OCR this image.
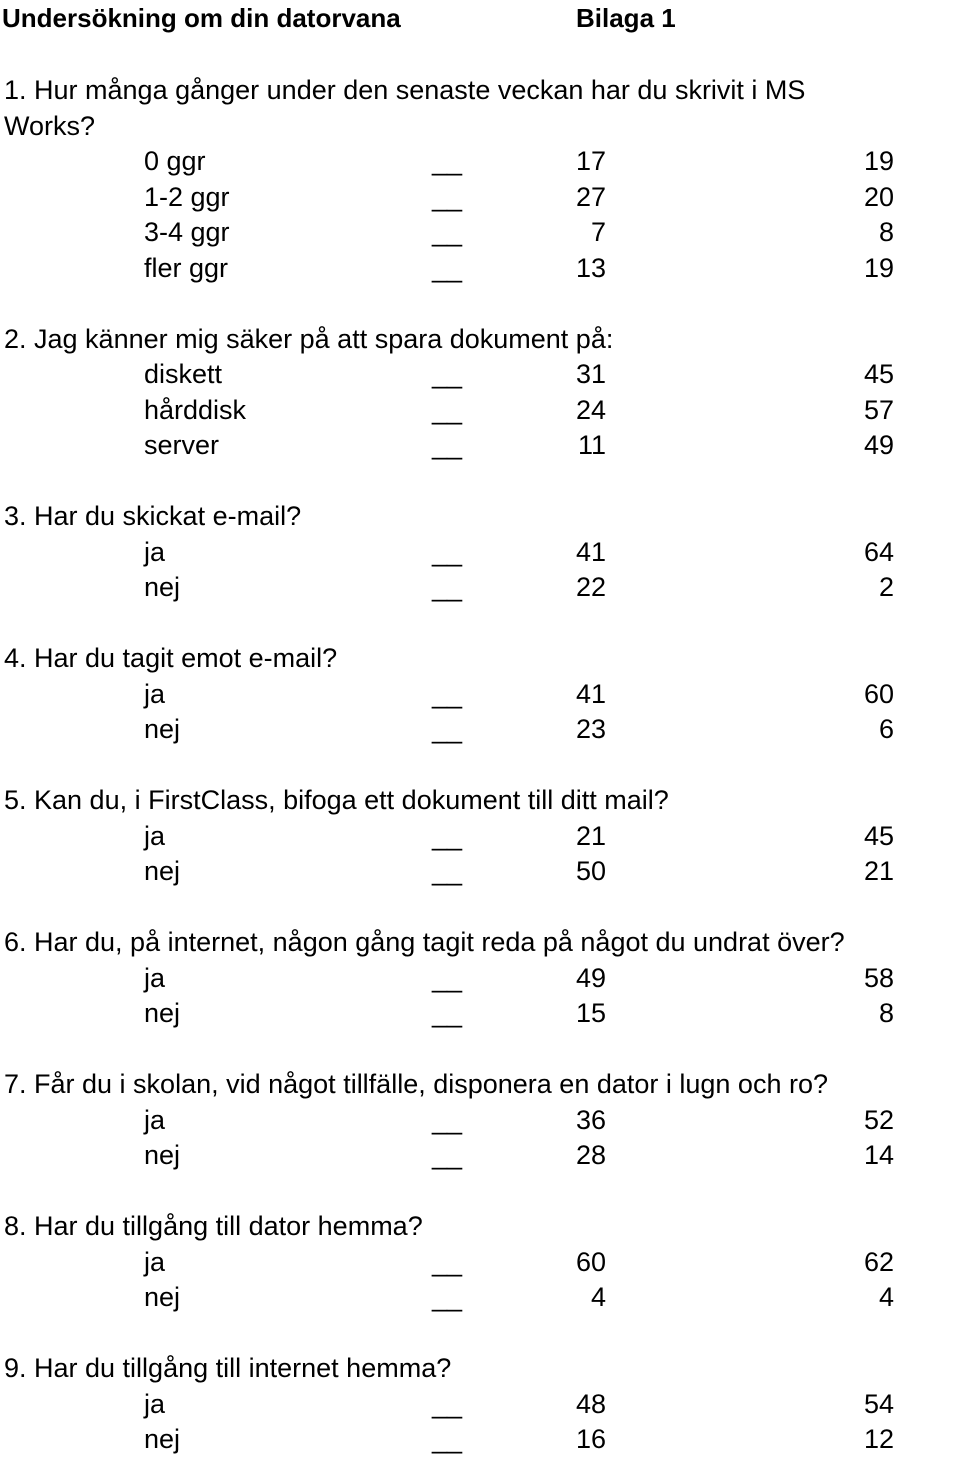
Undersökning om din datorvana	Bilaga 1
1. Hur många gånger under den senaste veckan har du skrivit i MS
Works?
0 ggr	__	17	19
1-2 ggr	__	27	20
3-4 ggr	__	7	8
fler ggr	__	13	19
2. Jag känner mig säker på att spara dokument på:
diskett	__	31	45
hårddisk	__	24	57
server	__	11	49
3. Har du skickat e-mail?
ja	__	41	64
nej	__	22	2
4. Har du tagit emot e-mail?
ja	__	41	60
nej	__	23	6
5. Kan du, i FirstClass, bifoga ett dokument till ditt mail?
ja	__	21	45
nej	__	50	21
6. Har du, på internet, någon gång tagit reda på något du undrat över?
ja	__	49	58
nej	__	15	8
7. Får du i skolan, vid något tillfälle, disponera en dator i lugn och ro?
ja	__	36	52
nej	__	28	14
8. Har du tillgång till dator hemma?
ja	__	60	62
nej	__	4	4
9. Har du tillgång till internet hemma?
ja	__	48	54
nej	__	16	12
